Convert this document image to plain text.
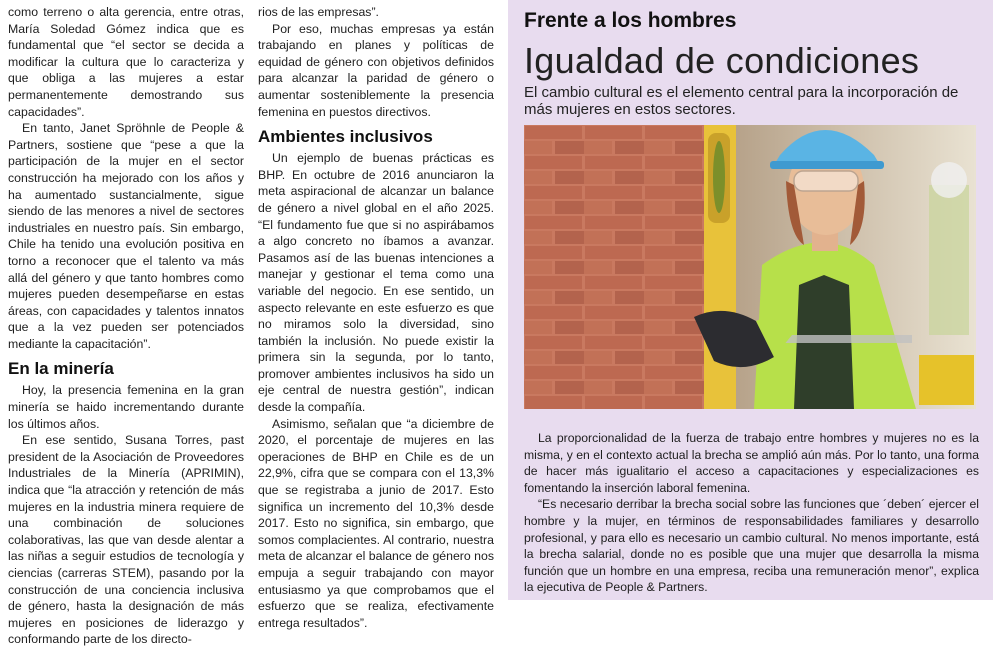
como terreno o alta gerencia, entre otras, María Soledad Gómez indica que es fundamental que “el sector se decida a modificar la cultura que lo caracteriza y que obliga a las mujeres a estar permanentemente demostrando sus capacidades”.

En tanto, Janet Spröhnle de People & Partners, sostiene que “pese a que la participación de la mujer en el sector construcción ha mejorado con los años y ha aumentado sustancialmente, sigue siendo de las menores a nivel de sectores industriales en nuestro país. Sin embargo, Chile ha tenido una evolución positiva en torno a reconocer que el talento va más allá del género y que tanto hombres como mujeres pueden desempeñarse en estas áreas, con capacidades y talentos innatos que a la vez pueden ser potenciados mediante la capacitación”.

En la minería

Hoy, la presencia femenina en la gran minería se haido incrementando durante los últimos años.

En ese sentido, Susana Torres, past president de la Asociación de Proveedores Industriales de la Minería (APRIMIN), indica que “la atracción y retención de más mujeres en la industria minera requiere de una combinación de soluciones colaborativas, las que van desde alentar a las niñas a seguir estudios de tecnología y ciencias (carreras STEM), pasando por la construcción de una conciencia inclusiva de género, hasta la designación de más mujeres en posiciones de liderazgo y conformando parte de los directo-

rios de las empresas”.

Por eso, muchas empresas ya están trabajando en planes y políticas de equidad de género con objetivos definidos para alcanzar la paridad de género o aumentar sosteniblemente la presencia femenina en puestos directivos.

Ambientes inclusivos

Un ejemplo de buenas prácticas es BHP. En octubre de 2016 anunciaron la meta aspiracional de alcanzar un balance de género a nivel global en el año 2025. “El fundamento fue que si no aspirábamos a algo concreto no íbamos a avanzar. Pasamos así de las buenas intenciones a manejar y gestionar el tema como una variable del negocio. En ese sentido, un aspecto relevante en este esfuerzo es que no miramos solo la diversidad, sino también la inclusión. No puede existir la primera sin la segunda, por lo tanto, promover ambientes inclusivos ha sido un eje central de nuestra gestión”, indican desde la compañía.

Asimismo, señalan que “a diciembre de 2020, el porcentaje de mujeres en las operaciones de BHP en Chile es de un 22,9%, cifra que se compara con el 13,3% que se registraba a junio de 2017. Esto significa un incremento del 10,3% desde 2017. Esto no significa, sin embargo, que somos complacientes. Al contrario, nuestra meta de alcanzar el balance de género nos empuja a seguir trabajando con mayor entusiasmo ya que comprobamos que el esfuerzo que se realiza, efectivamente entrega resultados”.

Frente a los hombres
Igualdad de condiciones
El cambio cultural es el elemento central para la incorporación de más mujeres en estos sectores.

La proporcionalidad de la fuerza de trabajo entre hombres y mujeres no es la misma, y en el contexto actual la brecha se amplió aún más. Por lo tanto, una forma de hacer más igualitario el acceso a capacitaciones y especializaciones es fomentando la inserción laboral femenina.

“Es necesario derribar la brecha social sobre las funciones que ´deben´ ejercer el hombre y la mujer, en términos de responsabilidades familiares y desarrollo profesional, y para ello es necesario un cambio cultural. No menos importante, está la brecha salarial, donde no es posible que una mujer que desarrolla la misma función que un hombre en una empresa, reciba una remuneración menor”, explica la ejecutiva de People & Partners.
